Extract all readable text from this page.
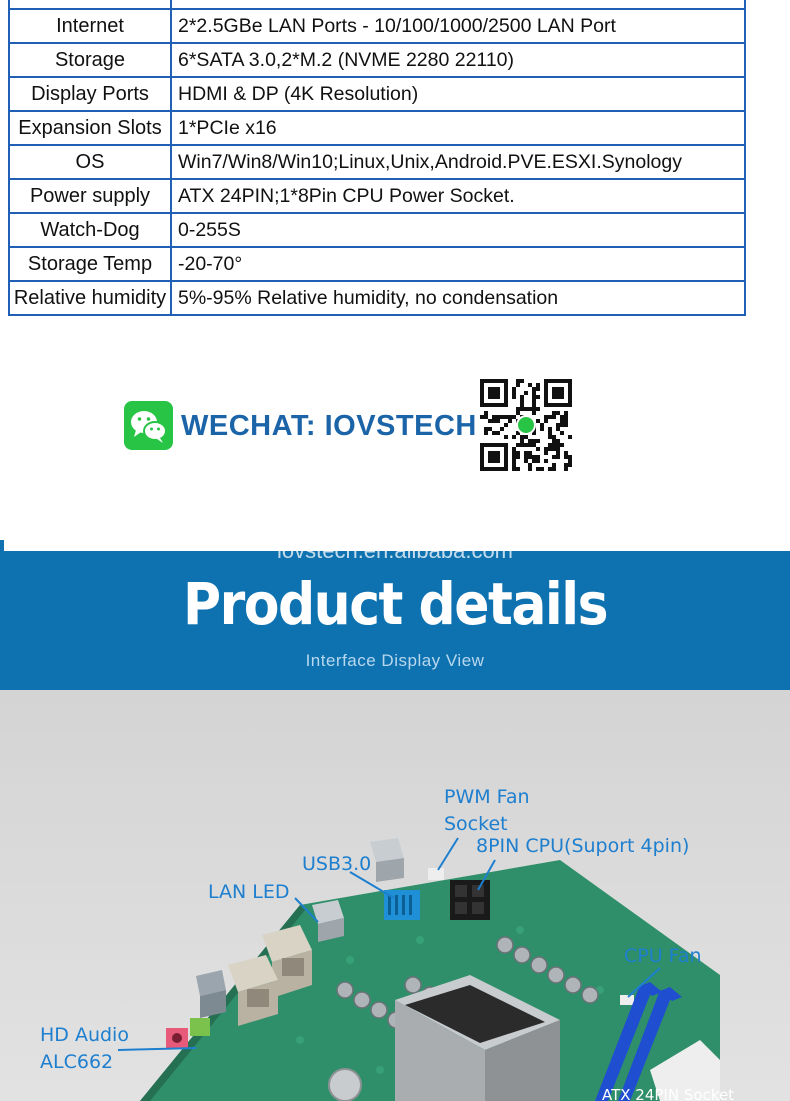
Internet	2*2.5GBe LAN Ports - 10/100/1000/2500 LAN Port
Storage	6*SATA 3.0,2*M.2 (NVME 2280 22110)
Display Ports	HDMI & DP (4K Resolution)
Expansion Slots	1*PCIe x16
OS	Win7/Win8/Win10;Linux,Unix,Android.PVE.ESXI.Synology
Power supply	ATX 24PIN;1*8Pin CPU Power Socket.
Watch-Dog	0-255S
Storage Temp	-20-70°
Relative humidity	5%-95% Relative humidity, no condensation
WECHAT: IOVSTECH
iovstech.en.alibaba.com
Product details
Interface Display View
PWM Fan
Socket
8PIN CPU(Suport 4pin)
USB3.0
LAN LED
CPU Fan
HD Audio
ALC662
ATX 24PIN Socket
